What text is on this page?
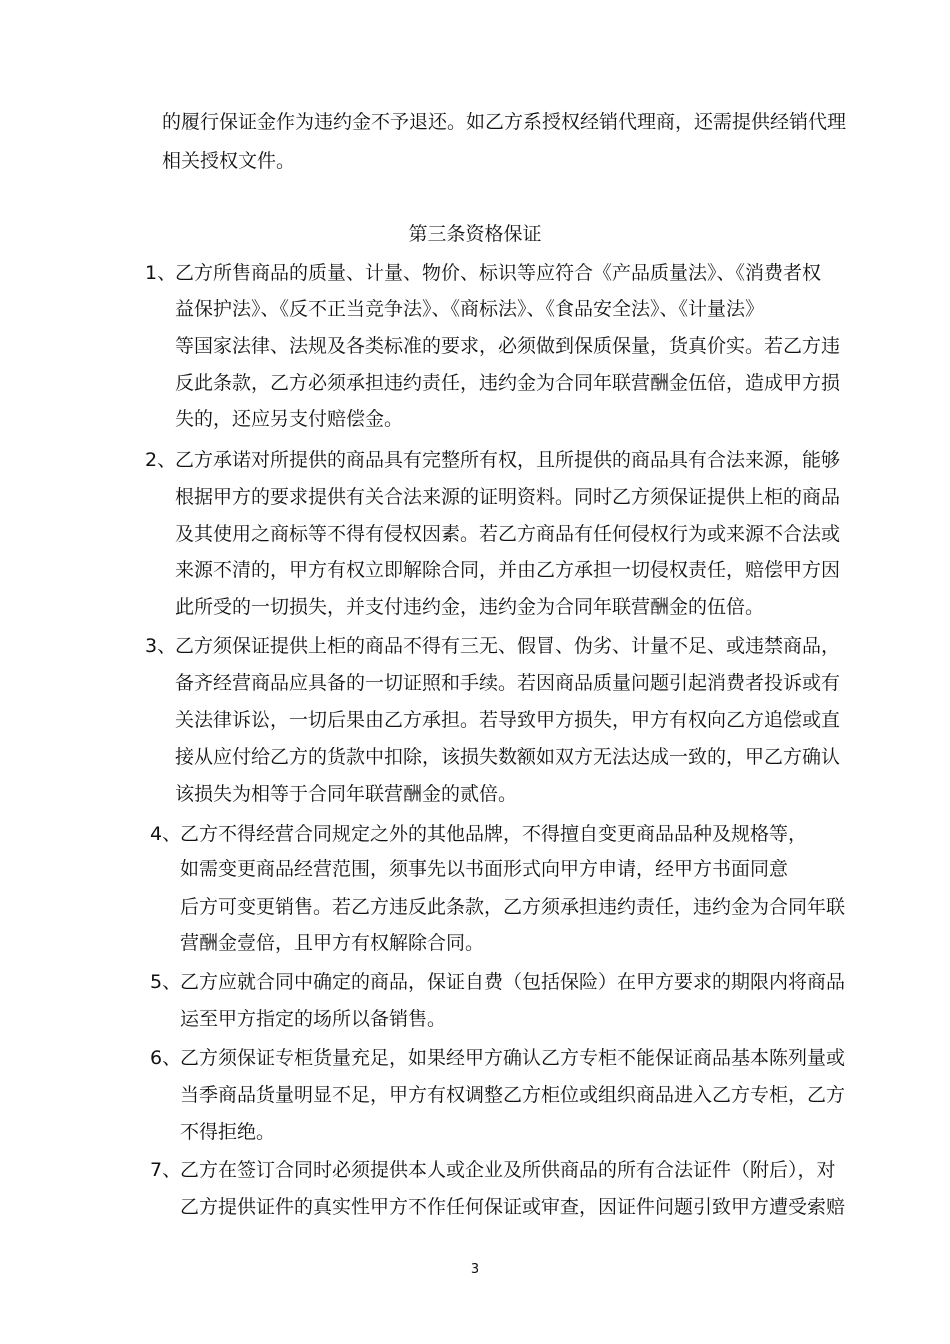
的履行保证金作为违约金不予退还。如乙方系授权经销代理商，还需提供经销代理
相关授权文件。
第三条资格保证
1、
乙方所售商品的质量、计量、物价、标识等应符合《产品质量法》、《消费者权
益保护法》、《反不正当竞争法》、《商标法》、《食品安全法》、《计量法》
等国家法律、法规及各类标准的要求，必须做到保质保量，货真价实。若乙方违
反此条款，乙方必须承担违约责任，违约金为合同年联营酬金伍倍，造成甲方损
失的，还应另支付赔偿金。
2、
乙方承诺对所提供的商品具有完整所有权，且所提供的商品具有合法来源，能够
根据甲方的要求提供有关合法来源的证明资料。同时乙方须保证提供上柜的商品
及其使用之商标等不得有侵权因素。若乙方商品有任何侵权行为或来源不合法或
来源不清的，甲方有权立即解除合同，并由乙方承担一切侵权责任，赔偿甲方因
此所受的一切损失，并支付违约金，违约金为合同年联营酬金的伍倍。
3、
乙方须保证提供上柜的商品不得有三无、假冒、伪劣、计量不足、或违禁商品，
备齐经营商品应具备的一切证照和手续。若因商品质量问题引起消费者投诉或有
关法律诉讼，一切后果由乙方承担。若导致甲方损失，甲方有权向乙方追偿或直
接从应付给乙方的货款中扣除，该损失数额如双方无法达成一致的，甲乙方确认
该损失为相等于合同年联营酬金的贰倍。
4、
乙方不得经营合同规定之外的其他品牌，不得擅自变更商品品种及规格等，
如需变更商品经营范围，须事先以书面形式向甲方申请，经甲方书面同意
后方可变更销售。若乙方违反此条款，乙方须承担违约责任，违约金为合同年联
营酬金壹倍，且甲方有权解除合同。
5、
乙方应就合同中确定的商品，保证自费（包括保险）在甲方要求的期限内将商品
运至甲方指定的场所以备销售。
6、
乙方须保证专柜货量充足，如果经甲方确认乙方专柜不能保证商品基本陈列量或
当季商品货量明显不足，甲方有权调整乙方柜位或组织商品进入乙方专柜，乙方
不得拒绝。
7、
乙方在签订合同时必须提供本人或企业及所供商品的所有合法证件（附后），对
乙方提供证件的真实性甲方不作任何保证或审查，因证件问题引致甲方遭受索赔
3
